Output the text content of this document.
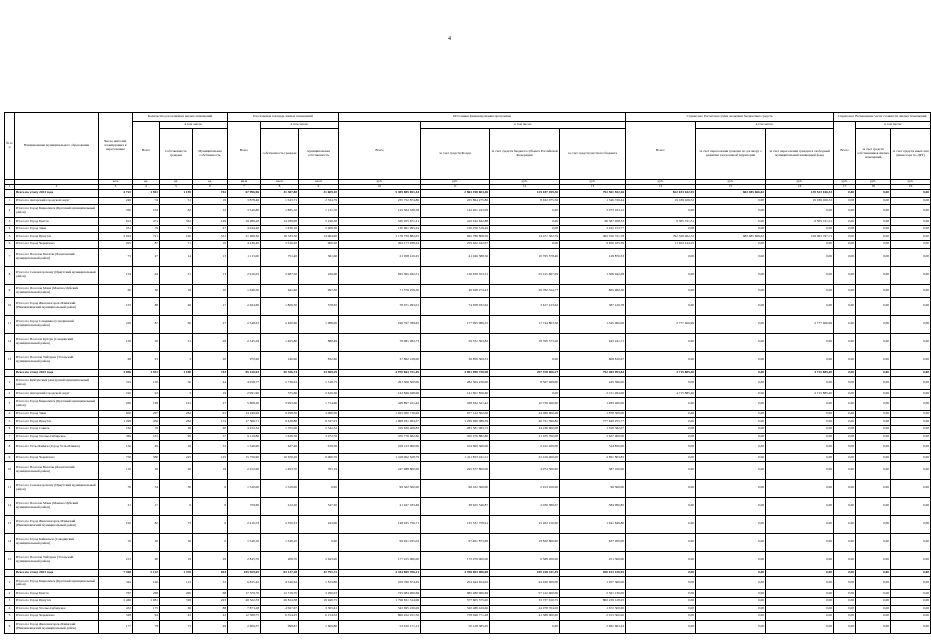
4
№ п/п	Наименование муниципального образования	Число жителей, планируемых к переселению	Количество расселяемых жилых помещений			Расселяемая площадь жилых помещений			Источники финансирования программы				Справочно: Расчетная сумма экономии бюджетных средств			Справочно: Возмещение части стоимости жилых помещений		
			Всего	в том числе:		Всего	в том числе:		Всего	в том числе:			Всего:	в том числе:		Всего	в том числе:	
				Собственность граждан	Муниципальная собственность		собственность граждан	муниципальная собственность		за счет средств Фонда	за счет средств бюджета субъекта Российской Федерации	за счет средств местного бюджета		за счет переселения граждан по договору о развитии застроенной территории	за счет переселения граждан в свободный муниципальный жилищный фонд		за счет средств собственников жилых помещений	за счет средств иных лиц (инвестора по ДРТ)
		чел.	ед.	ед.	ед.	кв.м	кв.м	кв.м	руб.	руб.	руб.	руб.	руб.	руб.	руб.	руб.	руб.	руб.
1	2	3	4	5	6	7	8	9	10	11	12	13	14	15	16	17	18	19
	Всего по этапу 2023 года	4 722	1 901	1 159	742	67 996,96	31 387,88	31 609,10	5 309 885 691,44	2 863 198 603,40	125 187 459,30	792 501 552,26	822 033 632,95	682 485 666,62	139 531 166,33	0,00	0,00	0,00
1	Итого по Ангарский городской округ	246	74	51	19	3 878,40	1 543,71	2 334,79	235 752 874,80	225 864 275,80	8 632 075,56	1 346 720,44	19 186 026,52	0,00	19 186 026,52	0,00	0,00	0,00
2	Итого по Город Бирюсинск (Братский муниципальный район)	320	104	82	22	3 546,80	1 885,10	1 131,70	145 564 336,58	142 491 243,09	0,00	3 073 193,12	0,00	0,00	0,00	0,00	0,00	0,00
3	Итого по Город Братск	812	471	322	149	19 280,20	14 039,90	5 240,30	520 205 671,21	410 242 642,88	0,00	60 367 028,33	9 305 721,51	0,00	9 305 721,51	0,00	0,00	0,00
4	Итого по Город Зима	231	79	71	47	4 044,40	1 636,10	2 408,30	130 661 095,24	120 256 519,49	0,00	3 425 153,77	0,00	0,00	0,00	0,00	0,00	0,00
5	Итого по Город Иркутск	2 024	721	190	531	31 498,30	16 533,30	14 964,90	1 178 759 882,05	662 786 808,50	14 471 302,79	492 356 721,78	792 349 462,32	682 485 666,62	109 063 797,71	0,00	0,00	0,00
6	Итого по Город Черемхово	205	87	71	16	4 436,40	3 536,20	900,20	264 173 938,24	259 462 442,07	0,00	9 656 165,59	11 652 144,25	0,00	0,00	0,00	0,00	0,00
7	Итого по Поселок Балаган (Балаганский муниципальный район)	73	27	14	13	1 113,00	751,40	361,60	21 958 129,25	41 046 388,50	10 765 578,40	149 870,53	0,00	0,00	0,00	0,00	0,00	0,00
8	Итого по Селеногорскому (Иркутский муниципальный район)	154	64	51	13	2 916,05	2 687,50	226,60	645 365 942,51	136 639 353,51	25 415 667,09	1 306 042,09	0,00	0,00	0,00	0,00	0,00	0,00
9	Итого по Поселок Мама (Мамско-Чуйский муниципальный район)	60	36	16	20	1 646,50	641,60	997,30	71 576 259,50	49 928 274,43	20 782 324,77	865 960,30	0,00	0,00	0,00	0,00	0,00	0,00
10	Итого по Город Железногорск-Илимский (Нижнеилимский муниципальный район)	153	88	49	17	2 464,60	1 806,50	578,65	78 071 493,01	74 658 932,62	3 617 413,62	387 126,78	0,00	0,00	0,00	0,00	0,00	0,00
11	Итого по Город Слюдянка (Слюдянский муниципальный район)	229	87	60	27	2 548,61	2 460,60	1 088,00	196 797 789,65	177 995 986,55	17 744 803,30	1 345 000,00	2 777 406,99	0,00	2 777 406,99	0,00	0,00	0,00
12	Итого по Поселок Култук (Слюдянский муниципальный район)	159	59	51	28	2 345,29	1 465,80	880,49	79 981 282,73	59 331 563,82	18 706 573,20	943 241,71	0,00	0,00	0,00	0,00	0,00	0,00
13	Итого по Поселок Тайтурка (Усольский муниципальный район)	68	23	3	20	972,90	140,90	832,90	37 862 128,00	36 859 309,33	0,00	608 810,67	0,00	0,00	0,00	0,00	0,00	0,00
	Всего по этапу 2022 года	4 896	1 931	1 188	743	85 120,93	50 356,74	34 969,29	4 970 863 721,49	3 891 998 750,98	257 378 006,27	792 484 993,84	4 715 885,40	0,00	4 715 885,40	0,00	0,00	0,00
1	Итого по Куйтунский (Ангарский муниципальный район)	314	110	56	44	4 058,77	2 736,02	1 318,75	291 566 500,00	282 563 236,00	8 567 469,00	445 390,00	0,00	0,00	0,00	0,00	0,00	0,00
2	Итого по Ангарский городской округ	310	22	3	19	2 991,90	375,60	2 616,30	143 849 948,00	141 601 856,60	0,00	2 151 264,00	4 715 885,40	0,00	4 715 885,40	0,00	0,00	0,00
3	Итого по Город Бирюсинск (Братский муниципальный район)	269	128	101	27	5 608,20	3 993,60	1 714,60	449 897 221,42	438 634 321,42	10 739 400,00	1 283 400,00	0,00	0,00	0,00	0,00	0,00	0,00
4	Итого по Город Зима	600	297	282	91	14 249,00	9 298,50	4 960,50	1 025 060 716,00	977 122 302,00	44 069 600,00	1 878 309,00	0,00	0,00	0,00	0,00	0,00	0,00
5	Итого по Город Иркутск	1 299	456	282	174	17 566,71	9 428,80	8 337,91	1 998 031 284,57	1 239 990 088,39	40 721 390,80	777 649 255,77	0,00	0,00	0,00	0,00	0,00	0,00
6	Итого по Город Саянск	162	76	36	40	4 252,32	1 705,00	2 542,32	319 636 408,83	283 581 083,72	34 436 600,00	1 618 382,07	0,00	0,00	0,00	0,00	0,00	0,00
7	Итого по Город Усолье-Сибирское	369	161	99	57	9 119,80	1 636,50	3 072,70	470 776 482,60	450 076 882,80	21 035 700,00	2 637 000,00	0,00	0,00	0,00	0,00	0,00	0,00
8	Итого по Усть-Илимск (Город Усть-Илимск)	150	49	16	33	1 546,90	627,40	919,50	108 123 900,00	104 606 500,00	2 912 200,00	524 850,00	0,00	0,00	0,00	0,00	0,00	0,00
9	Итого по Город Черемхово	756	380	225	125	15 756,90	10 670,20	6 960,70	1 418 962 528,79	1 411 853 241,51	22 416 400,00	4 691 803,85	0,00	0,00	0,00	0,00	0,00	0,00
10	Итого по Поселок Балаган (Балаганский муниципальный район)	110	39	20	19	2 252,90	1 493,70	763,19	247 988 800,00	245 677 800,00	4 974 300,00	387 100,00	0,00	0,00	0,00	0,00	0,00	0,00
11	Итого по Селеногорскому (Иркутский муниципальный район)	76	34	30	6	1 526,00	1 526,00	0,00	99 302 300,00	96 102 300,00	2 913 100,00	96 300,00	0,00	0,00	0,00	0,00	0,00	0,00
12	Итого по Поселок Мама (Мамско-Чуйский муниципальный район)	31	17	9	8	759,60	412,20	347,30	41 047 183,49	38 625 546,87	2 036 586,67	384 990,85	0,00	0,00	0,00	0,00	0,00	0,00
13	Итого по Город Железногорск-Илимский (Нижнеилимский муниципальный район)	192	82	73	9	2 416,53	2 350,33	243,00	148 935 756,71	135 531 756,91	15 262 150,00	1 941 849,80	0,00	0,00	0,00	0,00	0,00	0,00
14	Итого по Город Байкальск (Слюдянский муниципальный район)	76	36	36	0	1 546,10	1 546,10	0,00	99 921 935,02	97 461 873,60	19 820 800,00	637 200,00	0,00	0,00	0,00	0,00	0,00	0,00
15	Итого по Поселок Тайтурка (Усольский муниципальный район)	213	48	19	29	2 845,70	208,70	2 643,00	177 915 066,00	172 079 900,00	6 588 200,00	251 300,00	0,00	0,00	0,00	0,00	0,00	0,00
	Всего по этапу 2023 года	7 948	2 122	1 378	644	105 509,05	63 137,28	42 791,72	4 344 809 706,21	3 708 003 986,08	109 228 331,45	820 613 416,95	0,00	0,00	0,00	0,00	0,00	0,00
1	Итого по Город Бирюсинск (Братский муниципальный район)	344	146	113	33	6 835,42	4 540,62	1 813,80	109 760 674,65	254 044 654,65	24 430 000,00	1 057 300,00	0,00	0,00	0,00	0,00	0,00	0,00
2	Итого по Город Братск	767	268	200	68	17 379,70	12 719,70	3 290,03	745 984 960,69	685 480 966,69	57 122 600,00	2 561 136,00	0,00	0,00	0,00	0,00	0,00	0,00
3	Итого по Город Иркутск	2 466	1 081	318	223	46 322,33	26 814,58	19 940,75	1 796 811 314,00	577 605 575,00	33 737 610,75	800 239 128,25	0,00	0,00	0,00	0,00	0,00	0,00
4	Итого по Город Усолье-Сибирское	432	175	69	88	7 873,28	4 567,67	3 305,61	543 695 230,00	520 488 429,60	24 078 764,00	1 672 300,00	0,00	0,00	0,00	0,00	0,00	0,00
5	Итого по Город Черемхово	528	94	43	42	12 308,75	6 354,25	6 154,52	866 452 191,50	758 949 771,28	41 588 900,00	2 913 300,00	0,00	0,00	0,00	0,00	0,00	0,00
6	Итого по Город Железногорск-Илимский (Нижнеилимский муниципальный район)	177	78	73	49	2 606,57	998,87	1 609,80	53 610 171,13	50 128 385,95	0,00	2 481 663,24	0,00	0,00	0,00	0,00	0,00	0,00
